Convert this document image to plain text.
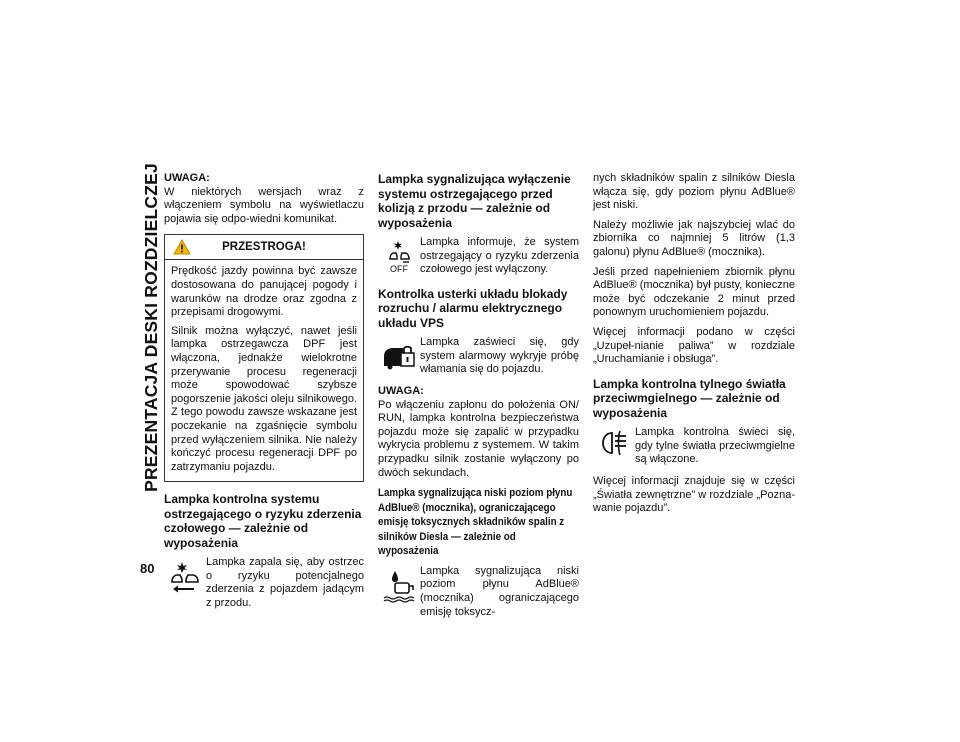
PREZENTACJA DESKI ROZDZIELCZEJ
80
UWAGA:

W niektórych wersjach wraz z włączeniem symbolu na wyświetlaczu pojawia się odpo-wiedni komunikat.

PRZESTROGA!

Prędkość jazdy powinna być zawsze dostosowana do panującej pogody i warunków na drodze oraz zgodna z przepisami drogowymi.

Silnik można wyłączyć, nawet jeśli lampka ostrzegawcza DPF jest włączona, jednakże wielokrotne przerywanie procesu regeneracji może spowodować szybsze pogorszenie jakości oleju silnikowego. Z tego powodu zawsze wskazane jest poczekanie na zgaśnięcie symbolu przed wyłączeniem silnika. Nie należy kończyć procesu regeneracji DPF po zatrzymaniu pojazdu.

Lampka kontrolna systemu ostrzegającego o ryzyku zderzenia czołowego — zależnie od wyposażenia

Lampka zapala się, aby ostrzec o ryzyku potencjalnego zderzenia z pojazdem jadącym z przodu.

Lampka sygnalizująca wyłączenie systemu ostrzegającego przed kolizją z przodu — zależnie od wyposażenia
OFF

Lampka informuje, że system ostrzegający o ryzyku zderzenia czołowego jest wyłączony.

Kontrolka usterki układu blokady rozruchu / alarmu elektrycznego układu VPS

Lampka zaświeci się, gdy system alarmowy wykryje próbę włamania się do pojazdu.

UWAGA:

Po włączeniu zapłonu do położenia ON/ RUN, lampka kontrolna bezpieczeństwa pojazdu może się zapalić w przypadku wykrycia problemu z systemem. W takim przypadku silnik zostanie wyłączony po dwóch sekundach.

Lampka sygnalizująca niski poziom płynu AdBlue® (mocznika), ograniczającego emisję toksycznych składników spalin z silników Diesla — zależnie od wyposażenia

Lampka sygnalizująca niski poziom płynu AdBlue® (mocznika) ograniczającego emisję toksycz-

nych składników spalin z silników Diesla włącza się, gdy poziom płynu AdBlue® jest niski.

Należy możliwie jak najszybciej wlać do zbiornika co najmniej 5 litrów (1,3 galonu) płynu AdBlue® (mocznika).

Jeśli przed napełnieniem zbiornik płynu AdBlue® (mocznika) był pusty, konieczne może być odczekanie 2 minut przed ponownym uruchomieniem pojazdu.

Więcej informacji podano w części „Uzupeł-nianie paliwa” w rozdziale „Uruchamianie i obsługa”.

Lampka kontrolna tylnego światła przeciwmgielnego — zależnie od wyposażenia

Lampka kontrolna świeci się, gdy tylne światła przeciwmgielne są włączone.

Więcej informacji znajduje się w części „Światła zewnętrzne” w rozdziale „Pozna-wanie pojazdu”.
